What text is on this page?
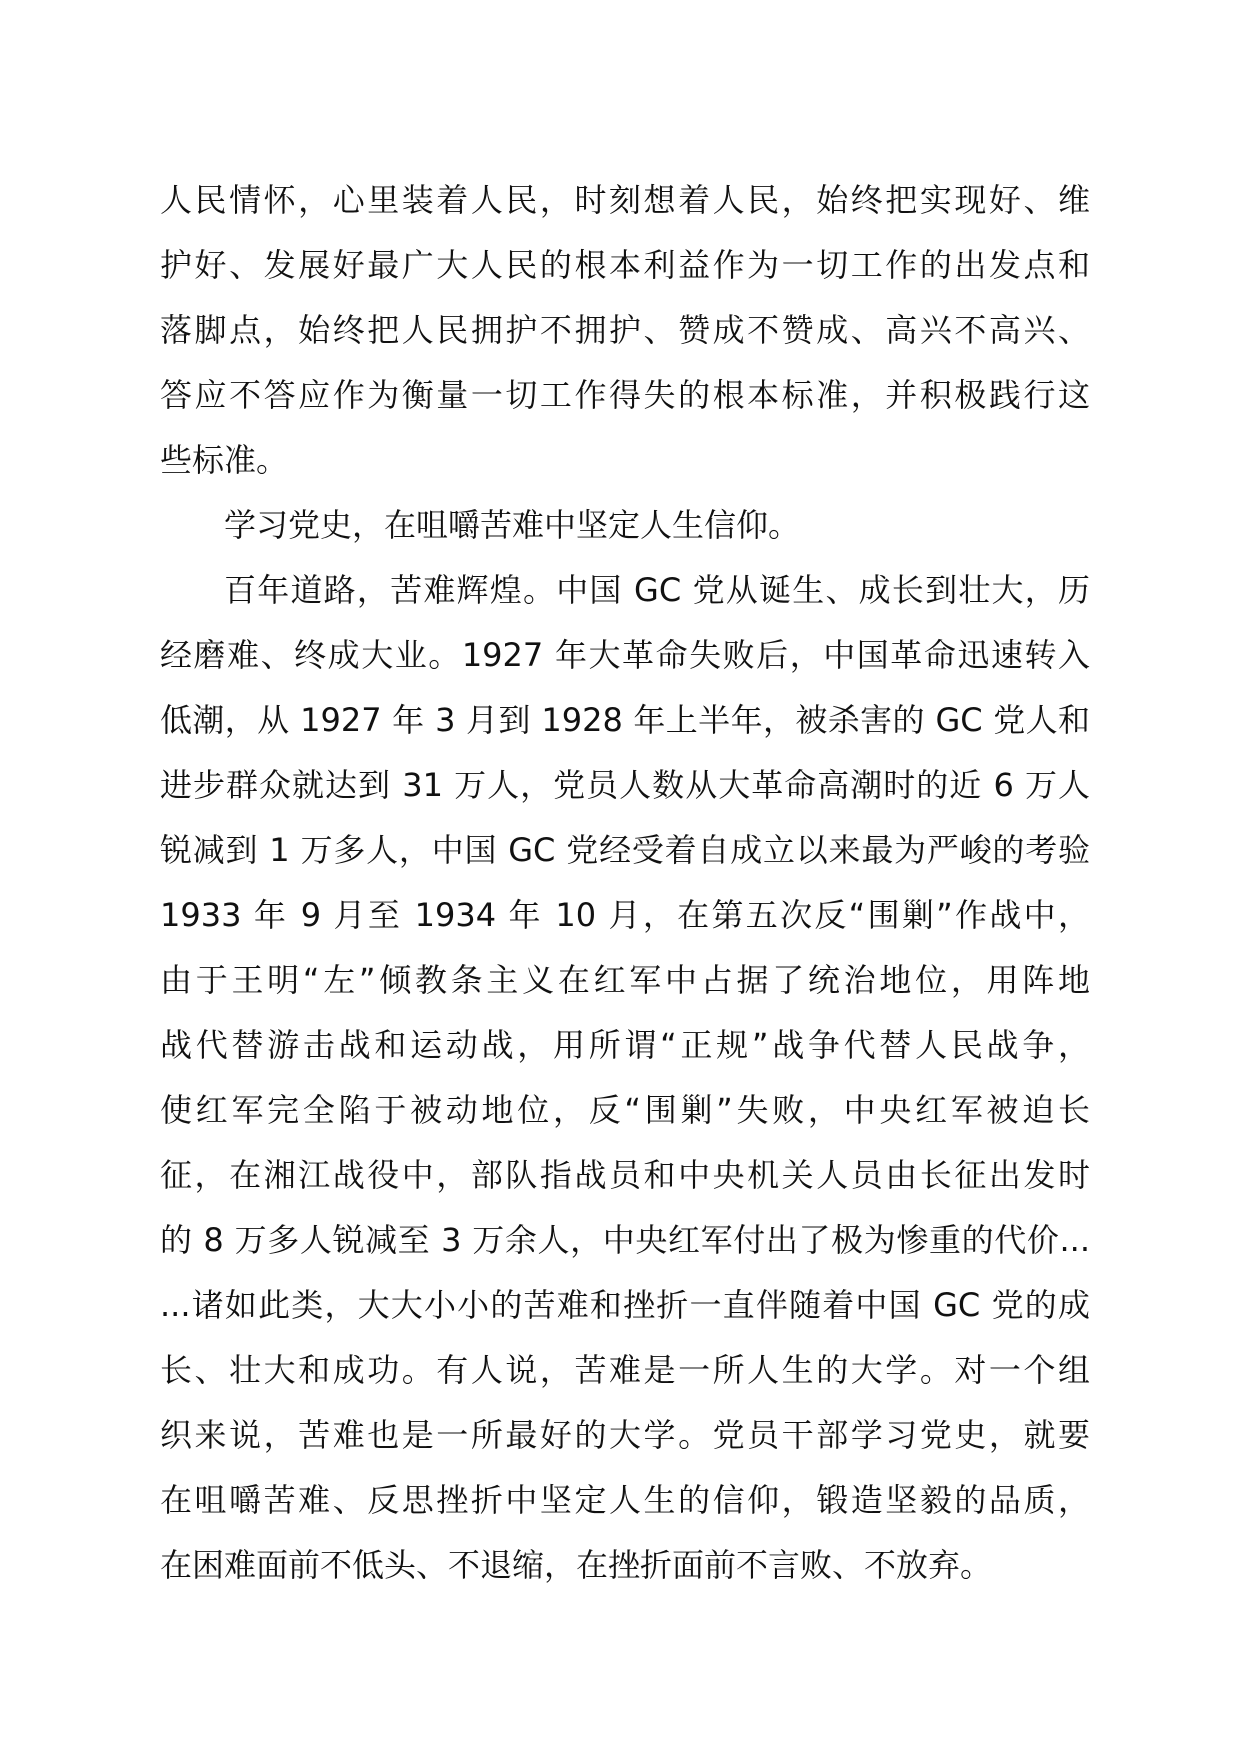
人民情怀，心里装着人民，时刻想着人民，始终把实现好、维
护好、发展好最广大人民的根本利益作为一切工作的出发点和
落脚点，始终把人民拥护不拥护、赞成不赞成、高兴不高兴、
答应不答应作为衡量一切工作得失的根本标准，并积极践行这
些标准。
学习党史，在咀嚼苦难中坚定人生信仰。
百年道路，苦难辉煌。中国 GC 党从诞生、成长到壮大，历
经磨难、终成大业。1927 年大革命失败后，中国革命迅速转入
低潮，从 1927 年 3 月到 1928 年上半年，被杀害的 GC 党人和
进步群众就达到 31 万人，党员人数从大革命高潮时的近 6 万人
锐减到 1 万多人，中国 GC 党经受着自成立以来最为严峻的考验
1933 年 9 月至 1934 年 10 月，在第五次反“围剿”作战中，
由于王明“左”倾教条主义在红军中占据了统治地位，用阵地
战代替游击战和运动战，用所谓“正规”战争代替人民战争，
使红军完全陷于被动地位，反“围剿”失败，中央红军被迫长
征，在湘江战役中，部队指战员和中央机关人员由长征出发时
的 8 万多人锐减至 3 万余人，中央红军付出了极为惨重的代价...
...诸如此类，大大小小的苦难和挫折一直伴随着中国 GC 党的成
长、壮大和成功。有人说，苦难是一所人生的大学。对一个组
织来说，苦难也是一所最好的大学。党员干部学习党史，就要
在咀嚼苦难、反思挫折中坚定人生的信仰，锻造坚毅的品质，
在困难面前不低头、不退缩，在挫折面前不言败、不放弃。
